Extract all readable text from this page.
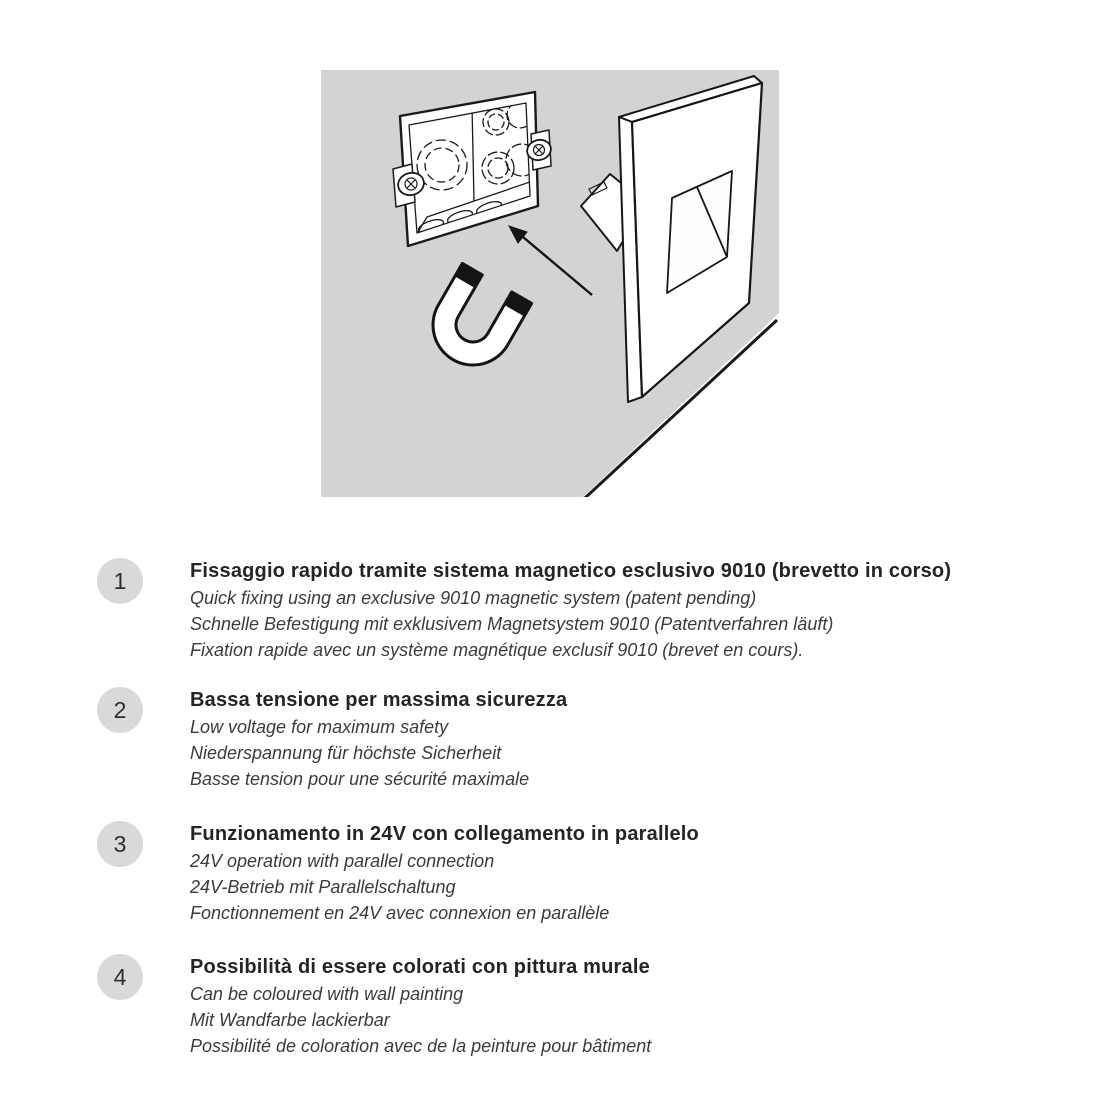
1	Fissaggio rapido tramite sistema magnetico esclusivo 9010 (brevetto in corso)
Quick fixing using an exclusive 9010 magnetic system (patent pending)
Schnelle Befestigung mit exklusivem Magnetsystem 9010 (Patentverfahren läuft)
Fixation rapide avec un système magnétique exclusif 9010 (brevet en cours).
2	Bassa tensione per massima sicurezza
Low voltage for maximum safety
Niederspannung für höchste Sicherheit
Basse tension pour une sécurité maximale
3	Funzionamento in 24V con collegamento in parallelo
24V operation with parallel connection
24V-Betrieb mit Parallelschaltung
Fonctionnement en 24V avec connexion en parallèle
4	Possibilità di essere colorati con pittura murale
Can be coloured with wall painting
Mit Wandfarbe lackierbar
Possibilité de coloration avec de la peinture pour bâtiment
